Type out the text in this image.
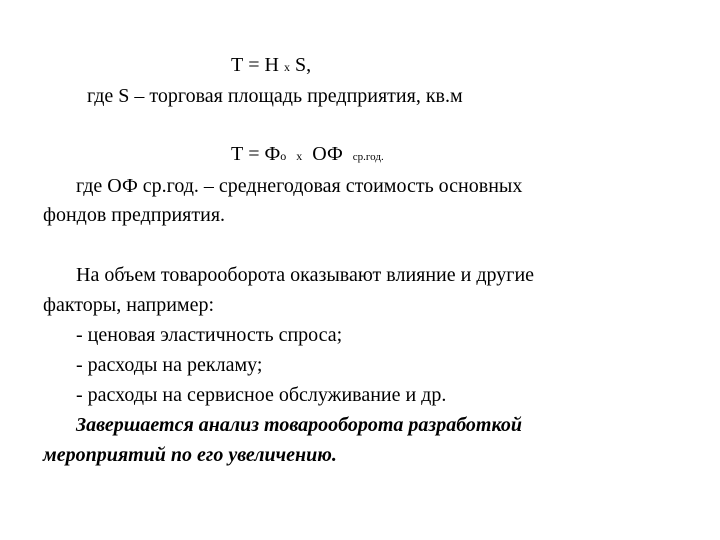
Т = Н х S,
где S – торговая площадь предприятия, кв.м
Т = Фо х ОФ ср.год.
где ОФ ср.год. – среднегодовая стоимость основных
фондов предприятия.
На объем товарооборота оказывают влияние и другие
факторы, например:
- ценовая эластичность спроса;
- расходы на рекламу;
- расходы на сервисное обслуживание и др.
Завершается анализ товарооборота разработкой
мероприятий по его увеличению.
